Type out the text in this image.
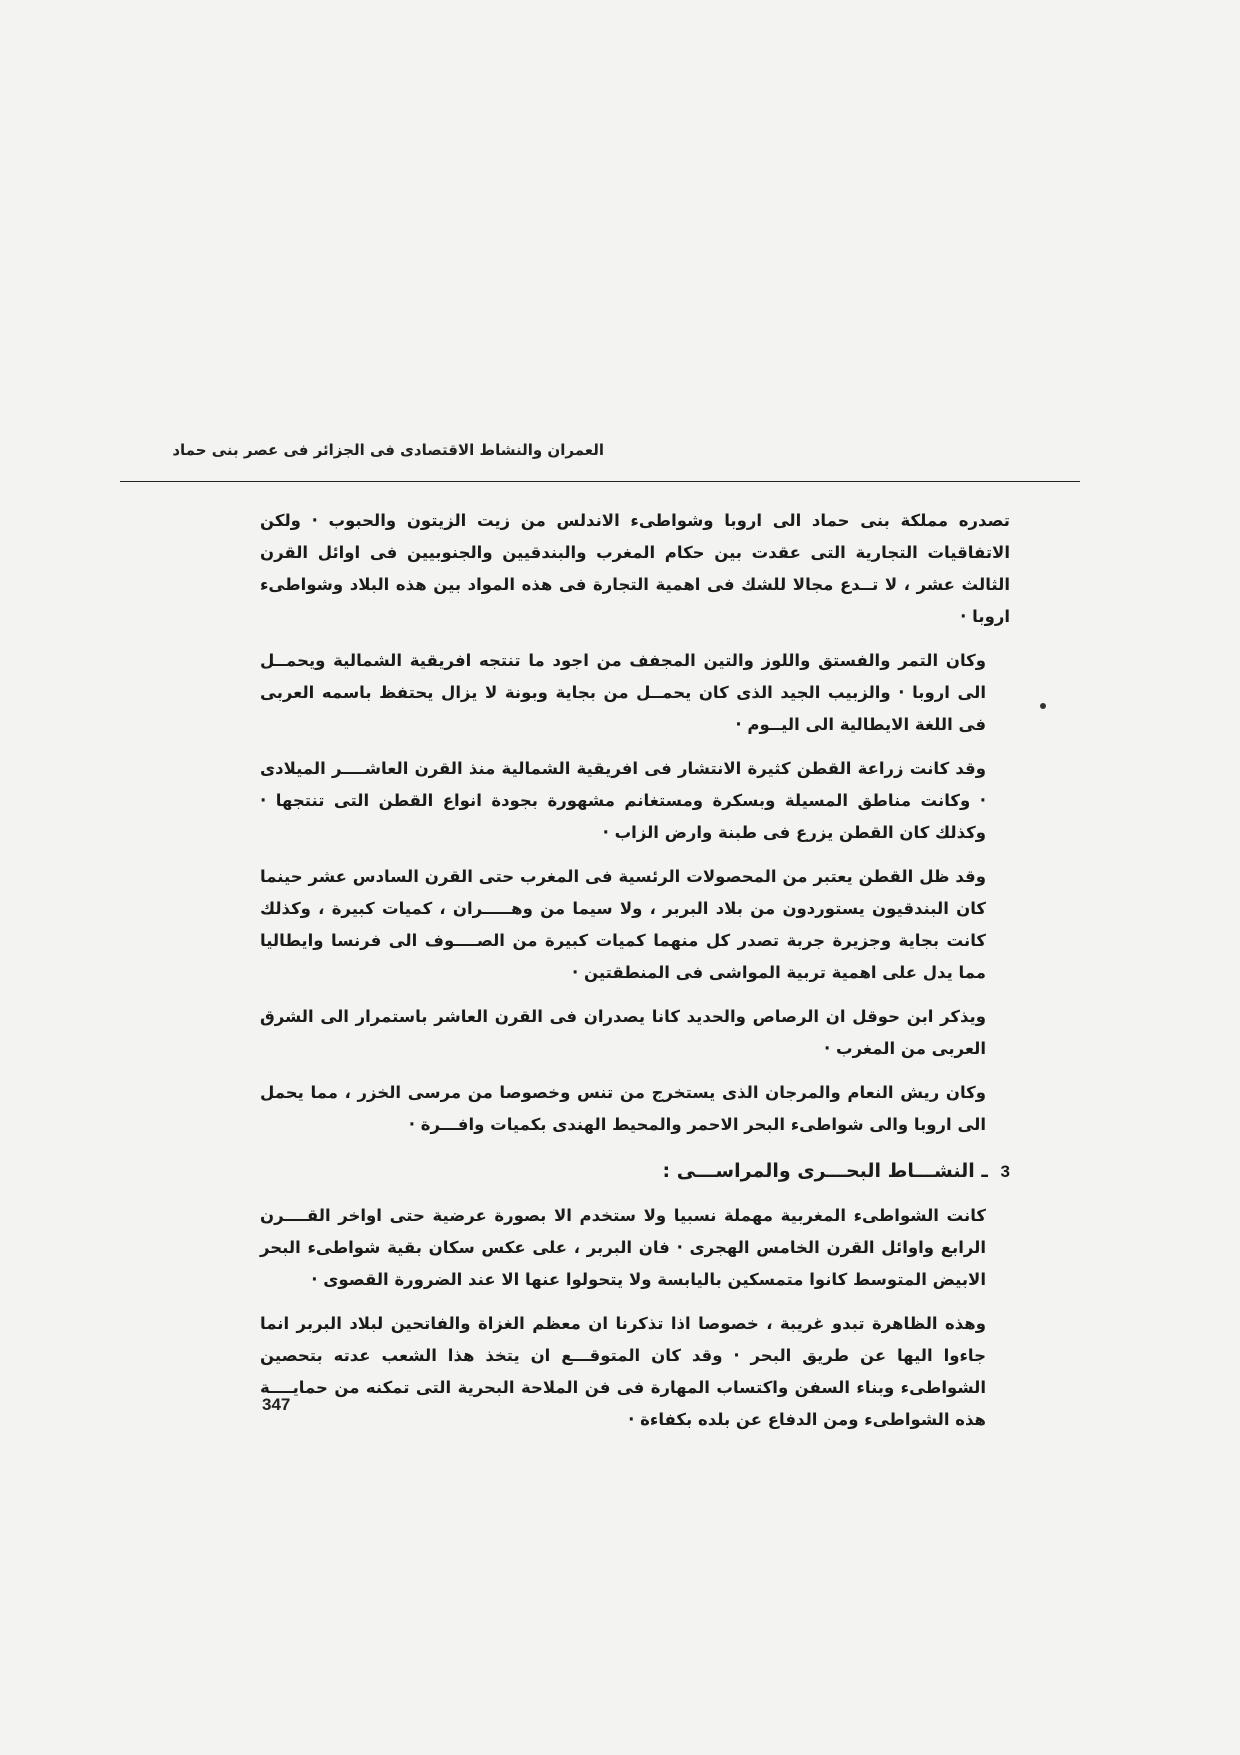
العمران والنشاط الاقتصادى فى الجزائر فى عصر بنى حماد

تصدره مملكة بنى حماد الى اروبا وشواطىء الاندلس من زيت الزيتون والحبوب · ولكن الاتفاقيات التجارية التى عقدت بين حكام المغرب والبندقيين والجنوبيين فى اوائل القرن الثالث عشر ، لا تــدع مجالا للشك فى اهمية التجارة فى هذه المواد بين هذه البلاد وشواطىء اروبا ·

وكان التمر والفستق واللوز والتين المجفف من اجود ما تنتجه افريقية الشمالية ويحمــل الى اروبا · والزبيب الجيد الذى كان يحمــل من بجاية وبونة لا يزال يحتفظ باسمه العربى فى اللغة الايطالية الى اليــوم ·

وقد كانت زراعة القطن كثيرة الانتشار فى افريقية الشمالية منذ القرن العاشــــر الميلادى · وكانت مناطق المسيلة وبسكرة ومستغانم مشهورة بجودة انواع القطن التى تنتجها · وكذلك كان القطن يزرع فى طبنة وارض الزاب ·

وقد ظل القطن يعتبر من المحصولات الرئسية فى المغرب حتى القرن السادس عشر حينما كان البندقيون يستوردون من بلاد البربر ، ولا سيما من وهـــــران ، كميات كبيرة ، وكذلك كانت بجاية وجزيرة جربة تصدر كل منهما كميات كبيرة من الصــــوف الى فرنسا وايطاليا مما يدل على اهمية تربية المواشى فى المنطقتين ·

ويذكر ابن حوقل ان الرصاص والحديد كانا يصدران فى القرن العاشر باستمرار الى الشرق العربى من المغرب ·

وكان ريش النعام والمرجان الذى يستخرج من تنس وخصوصا من مرسى الخزر ، مما يحمل الى اروبا والى شواطىء البحر الاحمر والمحيط الهندى بكميات وافـــرة ·

3 ـ النشـــاط البحـــرى والمراســـى :

كانت الشواطىء المغربية مهملة نسبيا ولا ستخدم الا بصورة عرضية حتى اواخر القــــرن الرابع واوائل القرن الخامس الهجرى · فان البربر ، على عكس سكان بقية شواطىء البحر الابيض المتوسط كانوا متمسكين باليابسة ولا يتحولوا عنها الا عند الضرورة القصوى ·

وهذه الظاهرة تبدو غريبة ، خصوصا اذا تذكرنا ان معظم الغزاة والفاتحين لبلاد البربر انما جاءوا اليها عن طريق البحر · وقد كان المتوقـــع ان يتخذ هذا الشعب عدته بتحصين الشواطىء وبناء السفن واكتساب المهارة فى فن الملاحة البحرية التى تمكنه من حمايــــة هذه الشواطىء ومن الدفاع عن بلده بكفاءة ·

347
